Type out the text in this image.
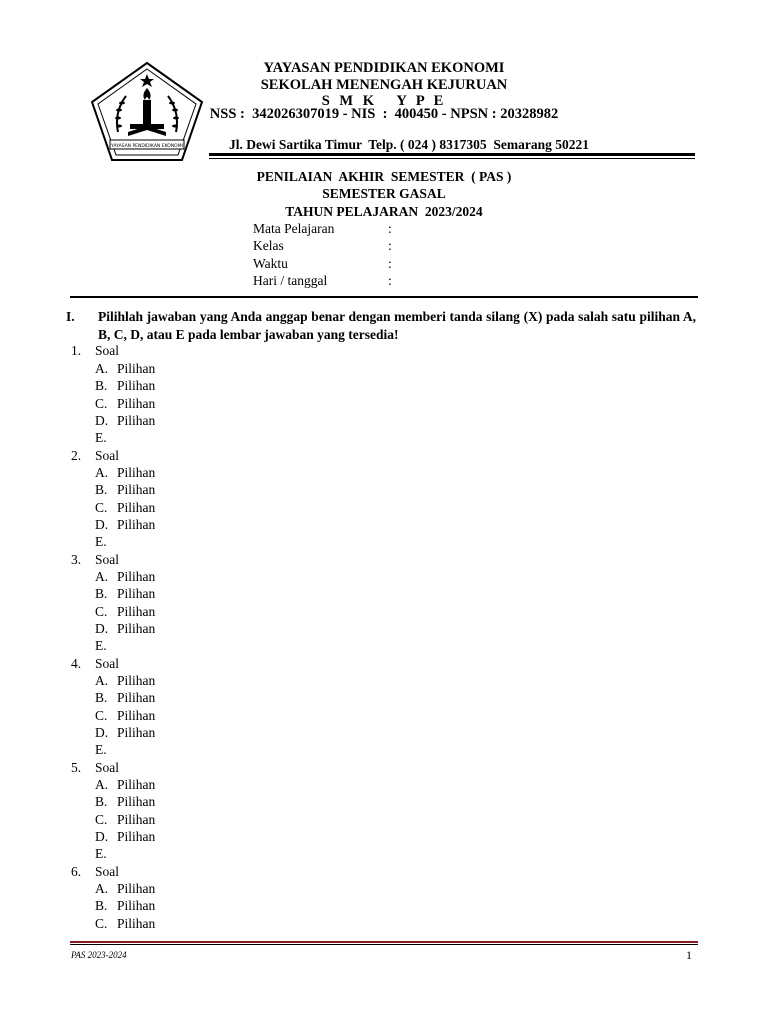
YAYASAN PENDIDIKAN EKONOMI
YAYASAN PENDIDIKAN EKONOMI
SEKOLAH MENENGAH KEJURUAN
S M K   Y P E
NSS :  342026307019 - NIS  :  400450 - NPSN : 20328982
Jl. Dewi Sartika Timur  Telp. ( 024 ) 8317305  Semarang 50221
PENILAIAN  AKHIR  SEMESTER  ( PAS )
SEMESTER GASAL
TAHUN PELAJARAN  2023/2024
Mata Pelajaran	:
Kelas	:
Waktu	:
Hari / tanggal	:
I. Pilihlah jawaban yang Anda anggap benar dengan memberi tanda silang (X) pada salah satu pilihan A, B, C, D, atau E pada lembar jawaban yang tersedia!
1. Soal
A. Pilihan
B. Pilihan
C. Pilihan
D. Pilihan
E.
2. Soal
A. Pilihan
B. Pilihan
C. Pilihan
D. Pilihan
E.
3. Soal
A. Pilihan
B. Pilihan
C. Pilihan
D. Pilihan
E.
4. Soal
A. Pilihan
B. Pilihan
C. Pilihan
D. Pilihan
E.
5. Soal
A. Pilihan
B. Pilihan
C. Pilihan
D. Pilihan
E.
6. Soal
A. Pilihan
B. Pilihan
C. Pilihan
PAS 2023-2024	1
